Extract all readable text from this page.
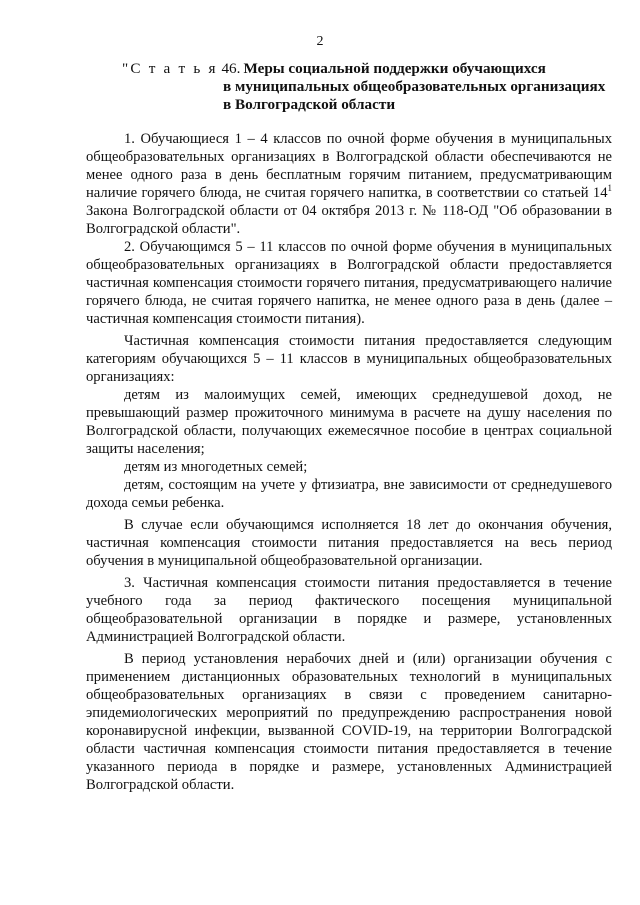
2
"С т а т ь я 46. Меры социальной поддержки обучающихся
в муниципальных общеобразовательных организациях
в Волгоградской области

1. Обучающиеся 1 – 4 классов по очной форме обучения в муниципальных общеобразовательных организациях в Волгоградской области обеспечиваются не менее одного раза в день бесплатным горячим питанием, предусматривающим наличие горячего блюда, не считая горячего напитка, в соответствии со статьей $14^1$ Закона Волгоградской области от 04 октября 2013 г. № 118-ОД "Об образовании в Волгоградской области".

2. Обучающимся 5 – 11 классов по очной форме обучения в муниципальных общеобразовательных организациях в Волгоградской области предоставляется частичная компенсация стоимости горячего питания, предусматривающего наличие горячего блюда, не считая горячего напитка, не менее одного раза в день (далее – частичная компенсация стоимости питания).

Частичная компенсация стоимости питания предоставляется следующим категориям обучающихся 5 – 11 классов в муниципальных общеобразовательных организациях:

детям из малоимущих семей, имеющих среднедушевой доход, не превышающий размер прожиточного минимума в расчете на душу населения по Волгоградской области, получающих ежемесячное пособие в центрах социальной защиты населения;

детям из многодетных семей;

детям, состоящим на учете у фтизиатра, вне зависимости от среднедушевого дохода семьи ребенка.

В случае если обучающимся исполняется 18 лет до окончания обучения, частичная компенсация стоимости питания предоставляется на весь период обучения в муниципальной общеобразовательной организации.

3. Частичная компенсация стоимости питания предоставляется в течение учебного года за период фактического посещения муниципальной общеобразовательной организации в порядке и размере, установленных Администрацией Волгоградской области.

В период установления нерабочих дней и (или) организации обучения с применением дистанционных образовательных технологий в муниципальных общеобразовательных организациях в связи с проведением санитарно-эпидемиологических мероприятий по предупреждению распространения новой коронавирусной инфекции, вызванной COVID-19, на территории Волгоградской области частичная компенсация стоимости питания предоставляется в течение указанного периода в порядке и размере, установленных Администрацией Волгоградской области.
